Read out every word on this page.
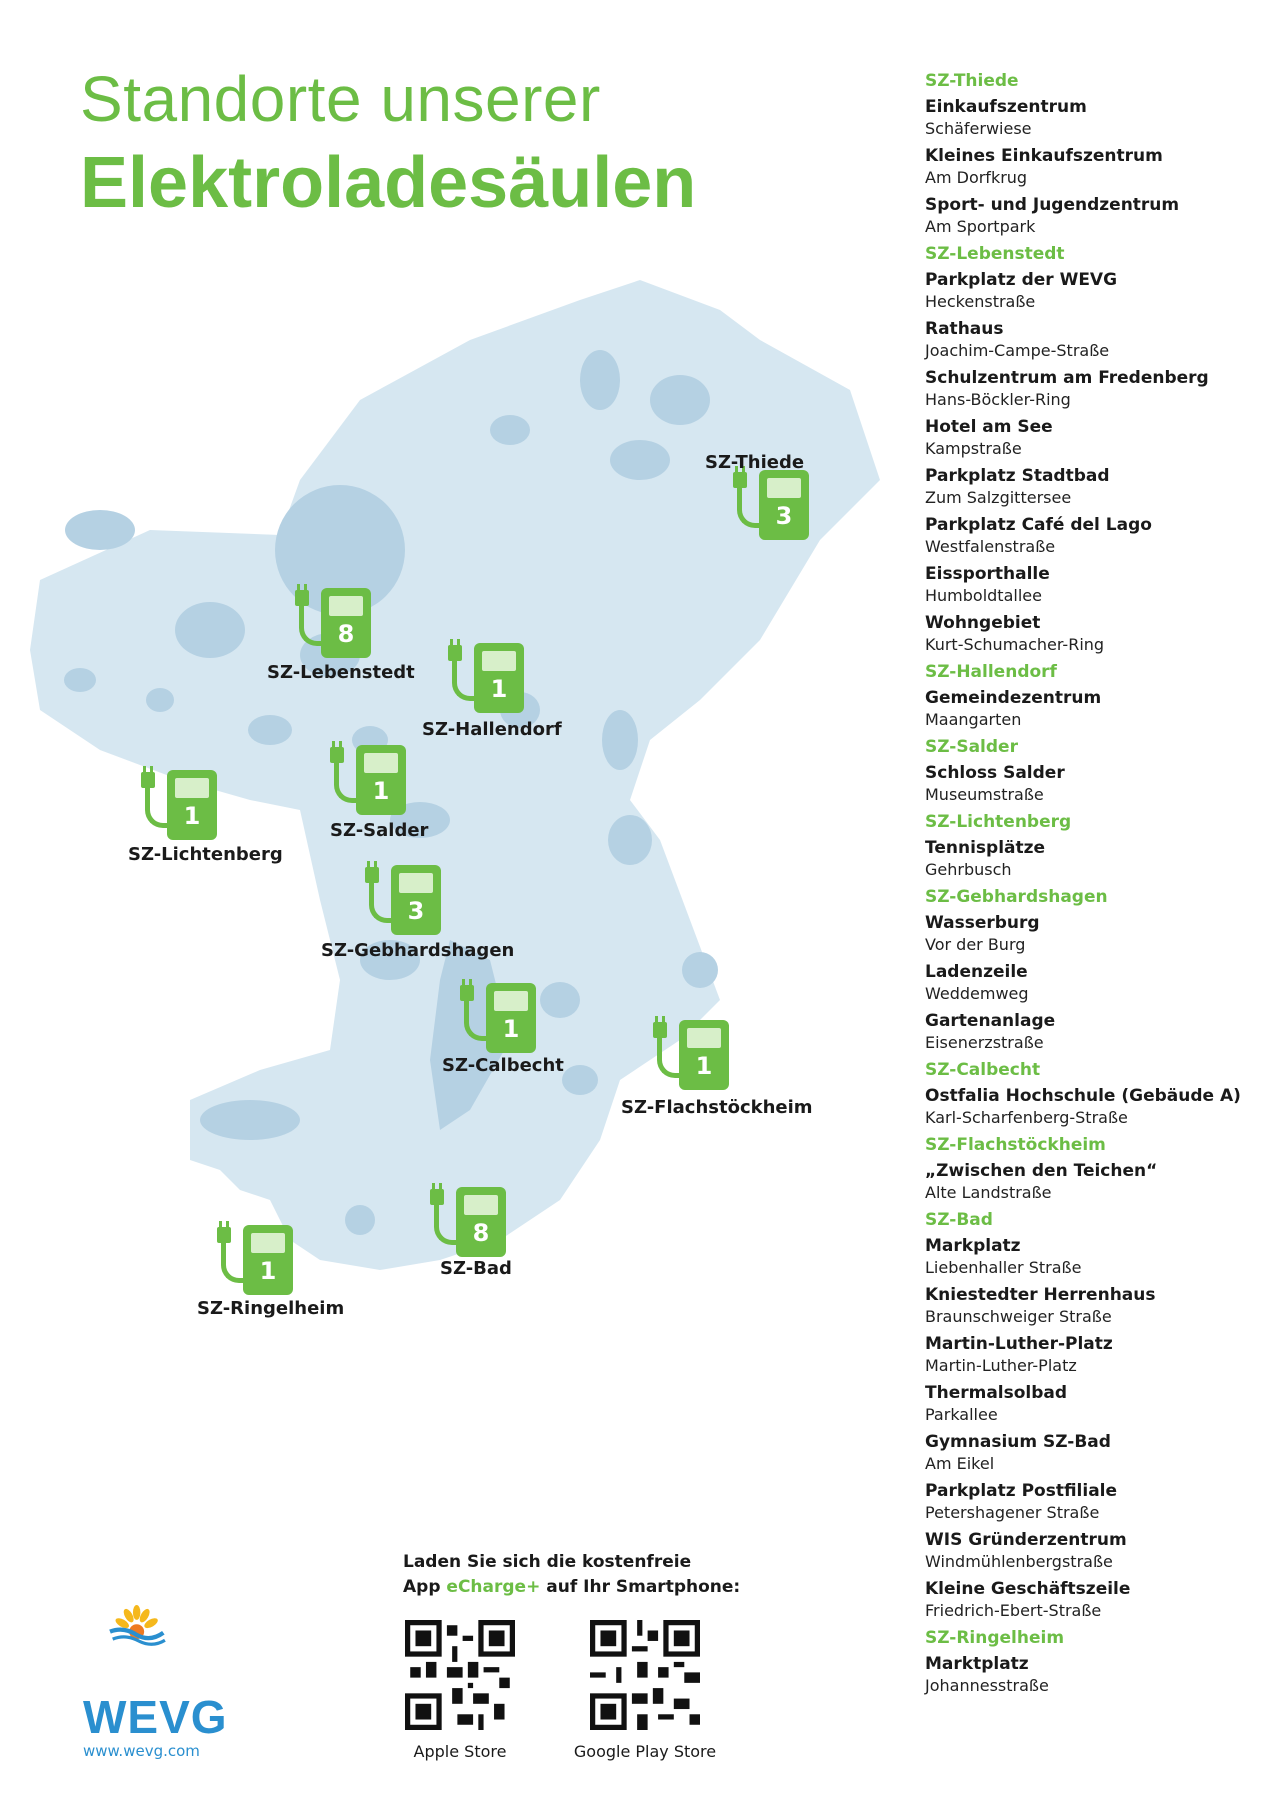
Standorte unserer
Elektroladesäulen
3
SZ-Thiede
8
SZ-Lebenstedt
1
SZ-Hallendorf
1
SZ-Lichtenberg
1
SZ-Salder
3
SZ-Gebhardshagen
1
SZ-Calbecht	1
SZ-Flachstöckheim
8
SZ-Bad
1
SZ-Ringelheim
SZ-Thiede
Einkaufszentrum
Schäferwiese
Kleines Einkaufszentrum
Am Dorfkrug
Sport- und Jugendzentrum
Am Sportpark
SZ-Lebenstedt
Parkplatz der WEVG
Heckenstraße
Rathaus
Joachim-Campe-Straße
Schulzentrum am Fredenberg
Hans-Böckler-Ring
Hotel am See
Kampstraße
Parkplatz Stadtbad
Zum Salzgittersee
Parkplatz Café del Lago
Westfalenstraße
Eissporthalle
Humboldtallee
Wohngebiet
Kurt-Schumacher-Ring
SZ-Hallendorf
Gemeindezentrum
Maangarten
SZ-Salder
Schloss Salder
Museumstraße
SZ-Lichtenberg
Tennisplätze
Gehrbusch
SZ-Gebhardshagen
Wasserburg
Vor der Burg
Ladenzeile
Weddemweg
Gartenanlage
Eisenerzstraße
SZ-Calbecht
Ostfalia Hochschule (Gebäude A)
Karl-Scharfenberg-Straße
SZ-Flachstöckheim
„Zwischen den Teichen“
Alte Landstraße
SZ-Bad
Markplatz
Liebenhaller Straße
Kniestedter Herrenhaus
Braunschweiger Straße
Martin-Luther-Platz
Martin-Luther-Platz
Thermalsolbad
Parkallee
Gymnasium SZ-Bad
Am Eikel
Parkplatz Postfiliale
Petershagener Straße
WIS Gründerzentrum
Windmühlenbergstraße
Kleine Geschäftszeile
Friedrich-Ebert-Straße
SZ-Ringelheim
Marktplatz
Johannesstraße
Laden Sie sich die kostenfreie
App eCharge+ auf Ihr Smartphone:
Apple Store	Google Play Store
WEVG
www.wevg.com
